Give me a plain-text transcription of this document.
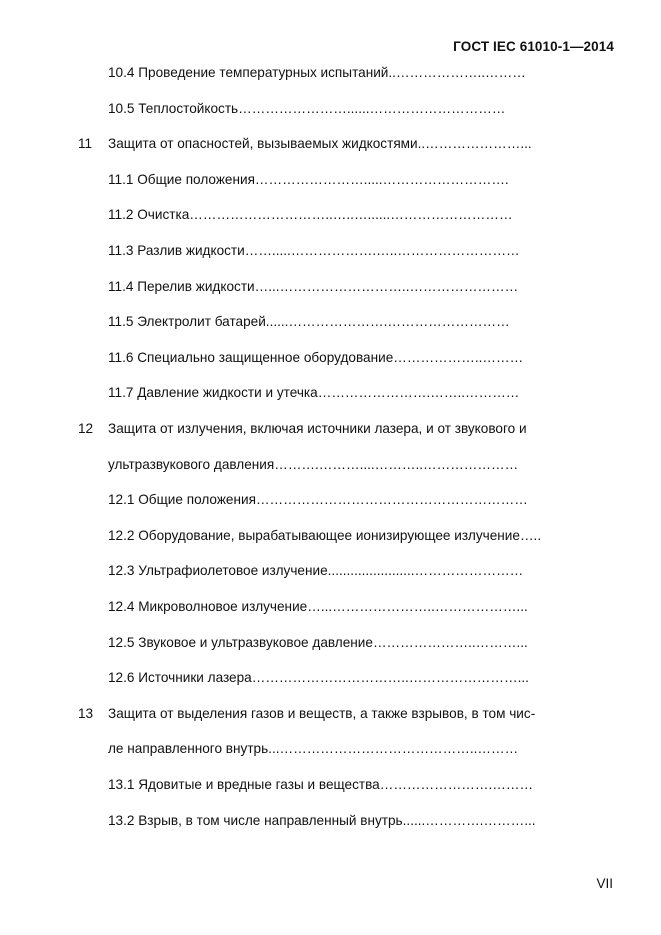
ГОСТ IEC 61010-1—2014
10.4 Проведение температурных испытаний..………………..………
10.5 Теплостойкость……………………......…………………………
11 Защита от опасностей, вызываемых жидкостями..…………………...
11.1 Общие положения…………………….....……………………….
11.2 Очистка…………………………..…..…......………………………
11.3 Разлив жидкости…….....……………….…..………………………
11.4 Перелив жидкости…...………………………..……………………
11.5 Электролит батарей......………………….………………………
11.6 Специально защищенное оборудование………………..………
11.7 Давление жидкости и утечка…………………….……..…………
12 Защита от излучения, включая источники лазера, и от звукового и
ультразвукового давления……….………....………..…………………
12.1 Общие положения……………………………………………………
12.2 Оборудование, вырабатывающее ионизирующее излучение…..
12.3 Ультрафиолетовое излучение.......................……………………
12.4 Микроволновое излучение…...…………………..………………...
12.5 Звуковое и ультразвуковое давление…………………..………...
12.6 Источники лазера……………………………..……………………...
13 Защита от выделения газов и веществ, а также взрывов, в том чис-
ле направленного внутрь...……………………………………..………
13.1 Ядовитые и вредные газы и вещества…………………….………
13.2 Взрыв, в том числе направленный внутрь......………….………...
VII
